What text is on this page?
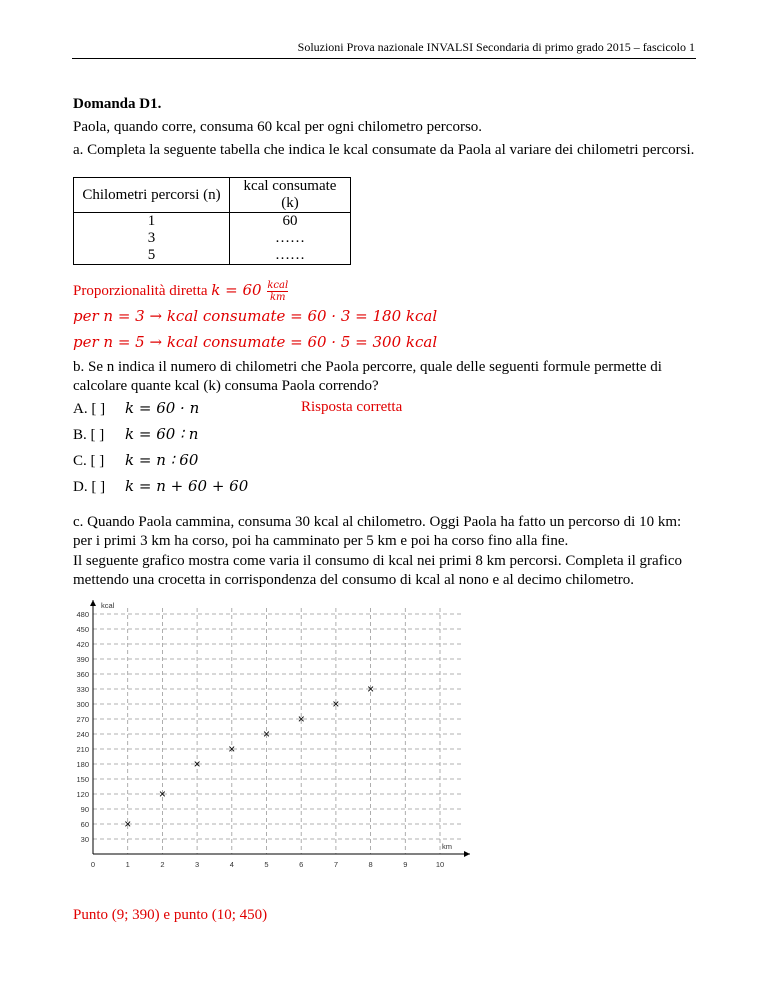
Soluzioni Prova nazionale INVALSI Secondaria di primo grado 2015 – fascicolo 1
Domanda D1.
Paola, quando corre, consuma 60 kcal per ogni chilometro percorso.
a. Completa la seguente tabella che indica le kcal consumate da Paola al variare dei chilometri percorsi.
Chilometri percorsi (n)	kcal consumate (k)
1	60
3	……
5	……
Proporzionalità diretta k = 60 kcal
km
per n = 3 → kcal consumate = 60 · 3 = 180 kcal
per n = 5 → kcal consumate = 60 · 5 = 300 kcal
b. Se n indica il numero di chilometri che Paola percorre, quale delle seguenti formule permette di calcolare quante kcal (k) consuma Paola correndo?
A. [ ] k = 60 · n	Risposta corretta
B. [ ] k = 60 ∶ n
C. [ ] k = n ∶ 60
D. [ ] k = n + 60 + 60
c. Quando Paola cammina, consuma 30 kcal al chilometro. Oggi Paola ha fatto un percorso di 10 km: per i primi 3 km ha corso, poi ha camminato per 5 km e poi ha corso fino alla fine.
Il seguente grafico mostra come varia il consumo di kcal nei primi 8 km percorsi. Completa il grafico mettendo una crocetta in corrispondenza del consumo di kcal al nono e al decimo chilometro.
30
60
90
120
150
180
210
240
270
300
330
360
390
420
450
480
0	1	2	3	4	5	6	7	8	9	10
kcal
km
×
×
×
×
×
×
×
×
Punto (9; 390) e punto (10; 450)
